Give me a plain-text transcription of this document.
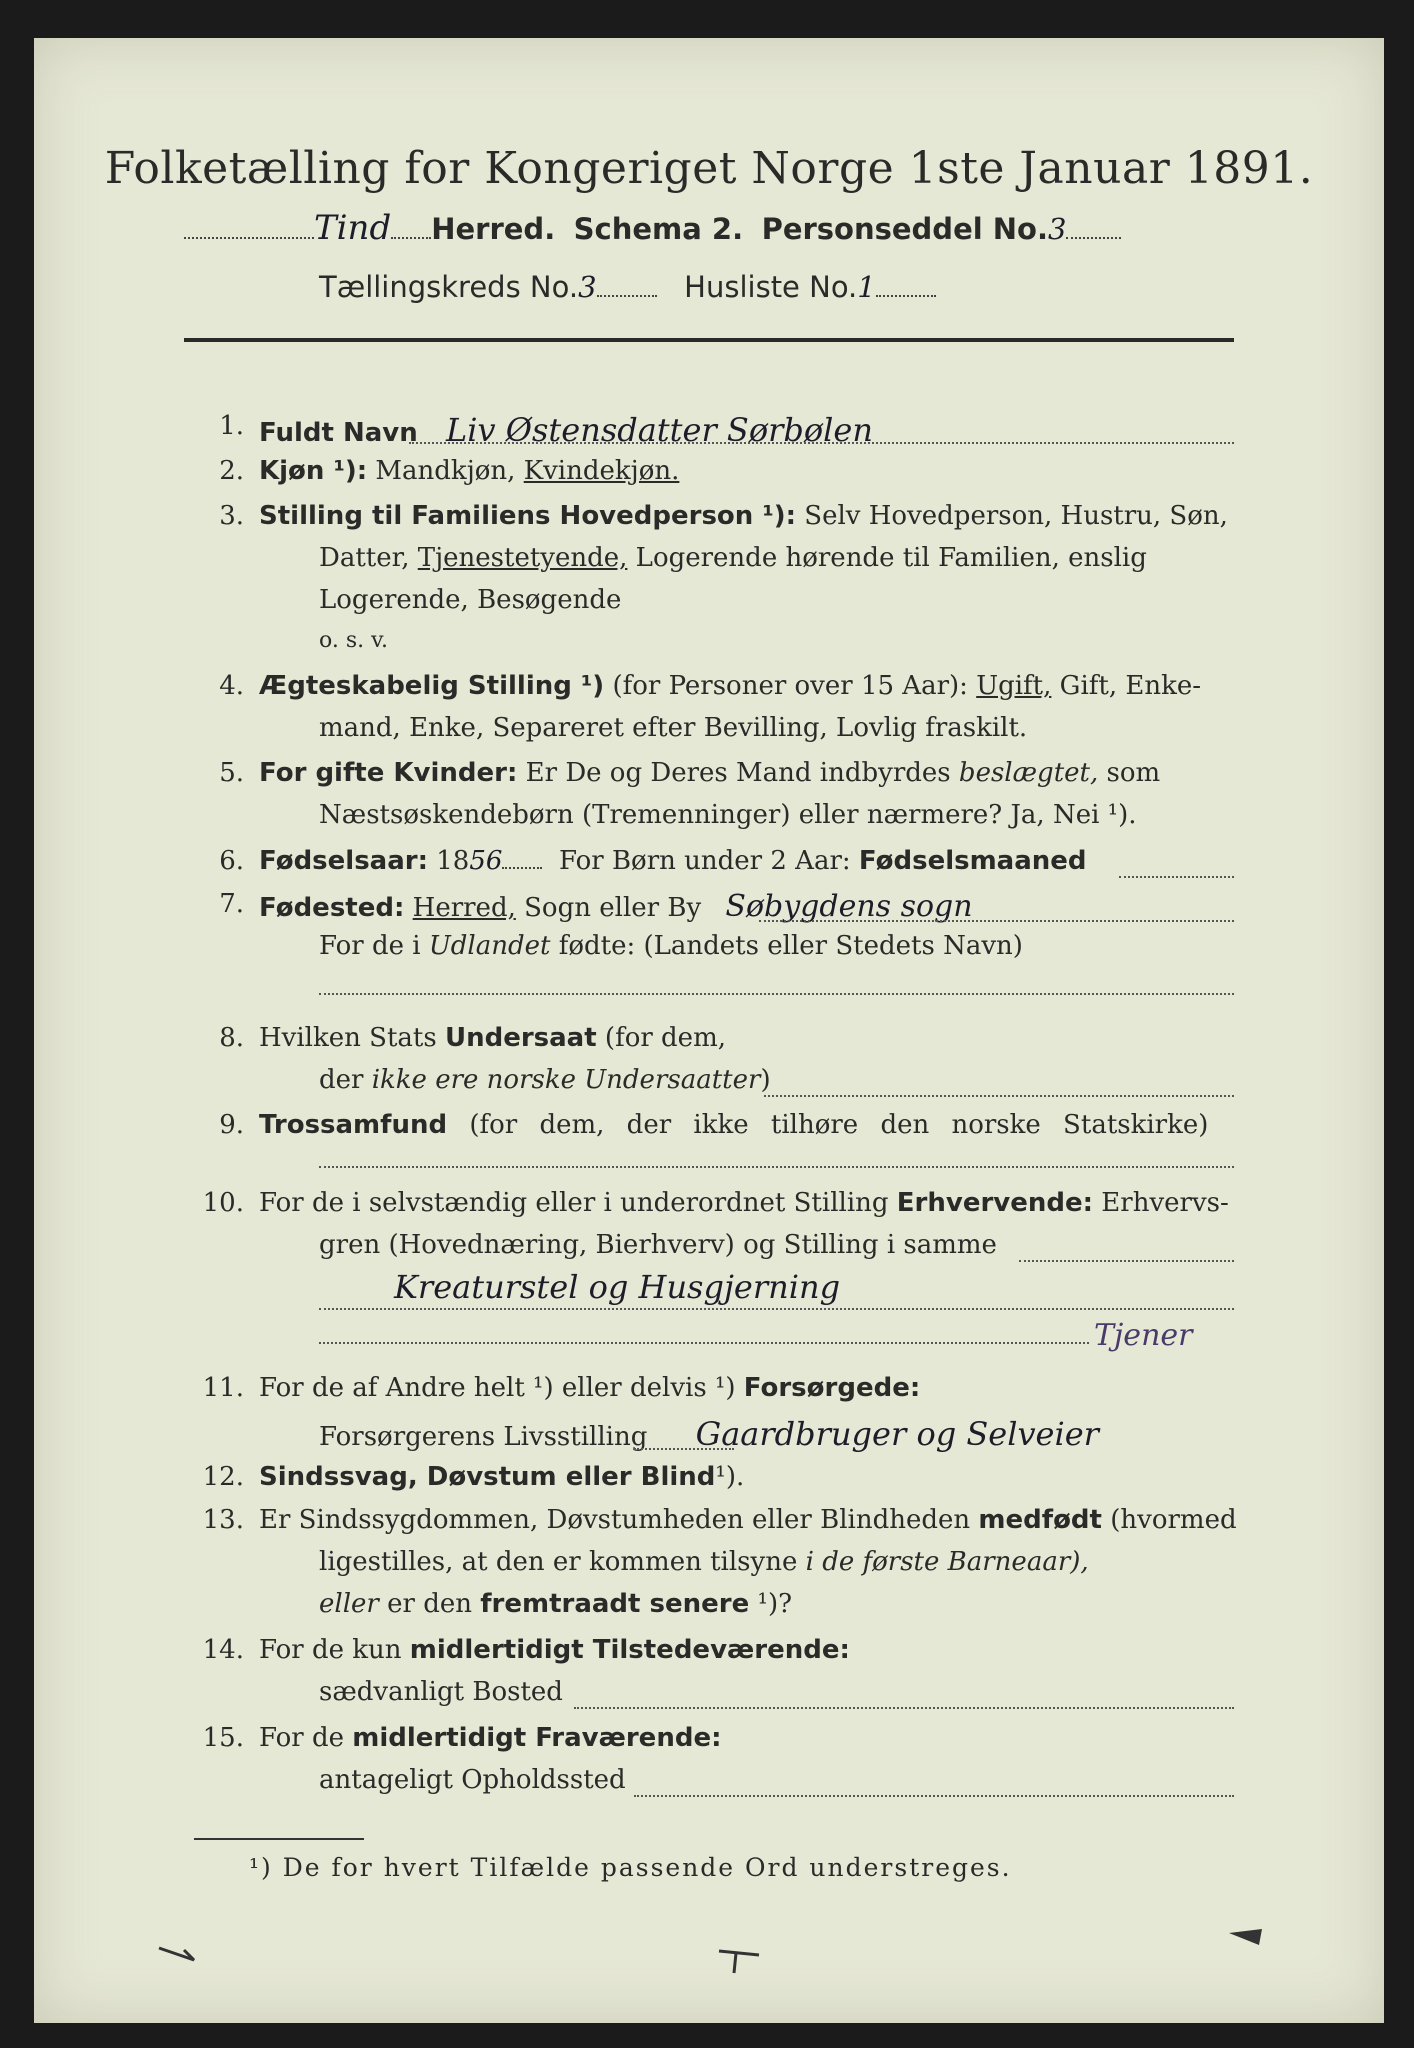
Folketælling for Kongeriget Norge 1ste Januar 1891.
Tind Herred. Schema 2. Personseddel No.3
Tællingskreds No.3	Husliste No.1
1. Fuldt Navn Liv Østensdatter Sørbølen
2. Kjøn ¹): Mandkjøn, Kvindekjøn.
3. Stilling til Familiens Hovedperson ¹): Selv Hovedperson, Hustru, Søn,
Datter, Tjenestetyende, Logerende hørende til Familien, enslig
Logerende, Besøgende
o. s. v.
4. Ægteskabelig Stilling ¹) (for Personer over 15 Aar): Ugift, Gift, Enke-
mand, Enke, Separeret efter Bevilling, Lovlig fraskilt.
5. For gifte Kvinder: Er De og Deres Mand indbyrdes beslægtet, som
Næstsøskendebørn (Tremenninger) eller nærmere? Ja, Nei ¹).
6. Fødselsaar: 1856 For Børn under 2 Aar: Fødselsmaaned
7. Fødested: Herred, Sogn eller By Søbygdens sogn
For de i Udlandet fødte: (Landets eller Stedets Navn)
8. Hvilken Stats Undersaat (for dem,
der ikke ere norske Undersaatter)
9. Trossamfund (for dem, der ikke tilhøre den norske Statskirke)
10. For de i selvstændig eller i underordnet Stilling Erhvervende: Erhvervs-
gren (Hovednæring, Bierhverv) og Stilling i samme
Kreaturstel og Husgjerning
Tjener
11. For de af Andre helt ¹) eller delvis ¹) Forsørgede:
Forsørgerens Livsstilling Gaardbruger og Selveier
12. Sindssvag, Døvstum eller Blind¹).
13. Er Sindssygdommen, Døvstumheden eller Blindheden medfødt (hvormed
ligestilles, at den er kommen tilsyne i de første Barneaar),
eller er den fremtraadt senere ¹)?
14. For de kun midlertidigt Tilstedeværende:
sædvanligt Bosted
15. For de midlertidigt Fraværende:
antageligt Opholdssted
¹) De for hvert Tilfælde passende Ord understreges.
